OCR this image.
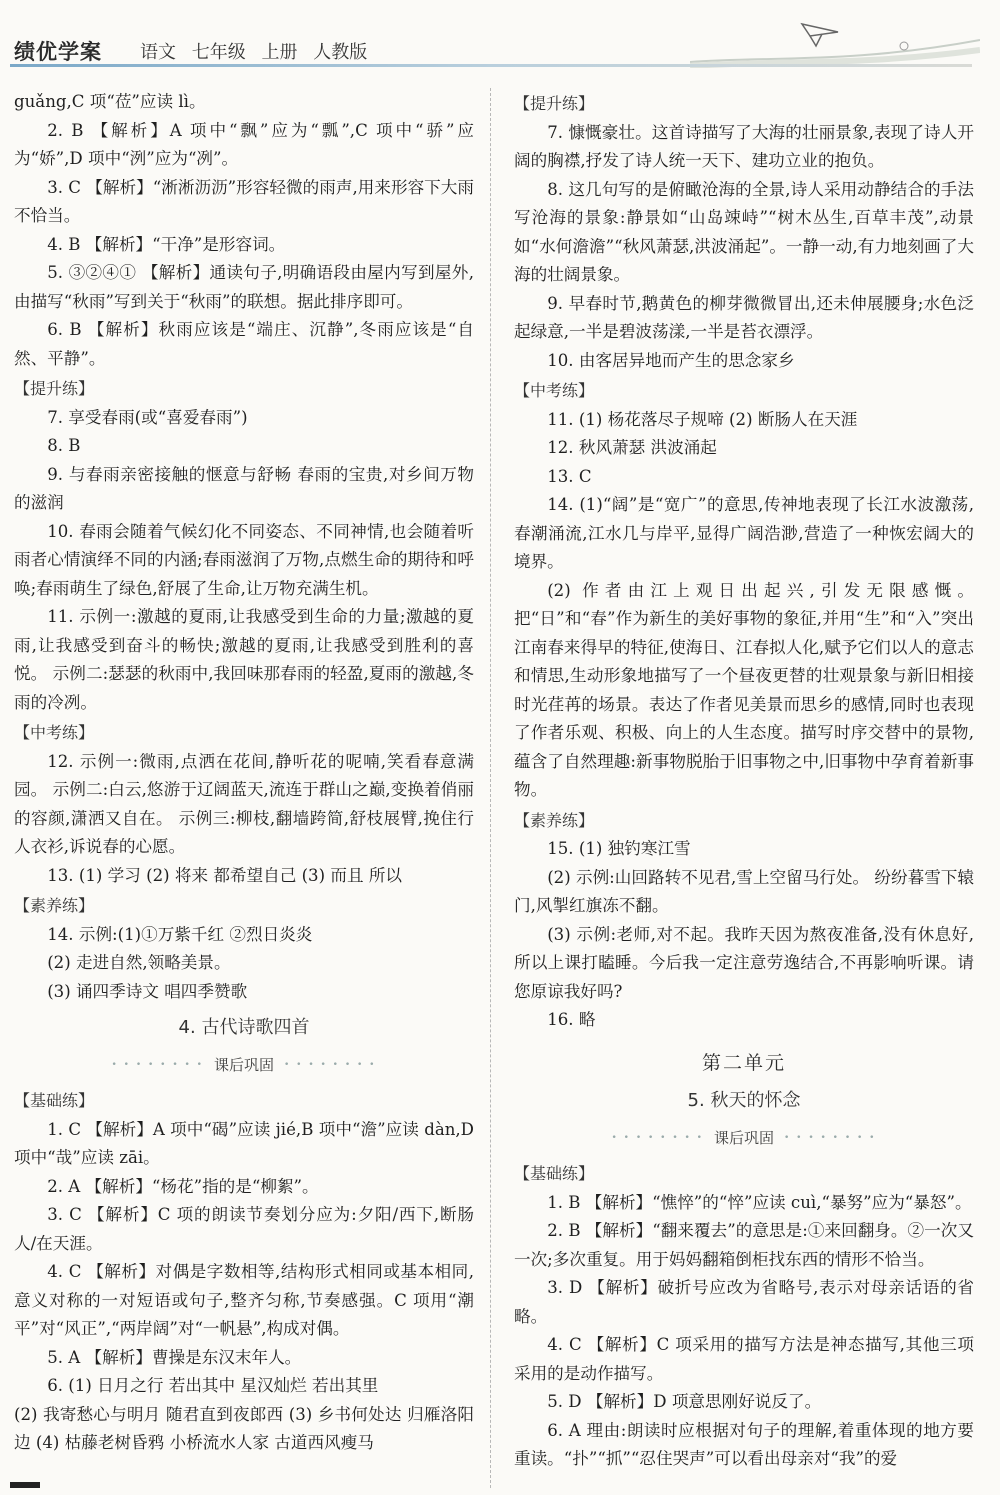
绩优学案 语文 七年级 上册 人教版

guǎng,C 项“莅”应读 lì。

2. B 【解析】A 项中“飘”应为“瓢”,C 项中“骄”应为“娇”,D 项中“洌”应为“冽”。

3. C 【解析】“淅淅沥沥”形容轻微的雨声,用来形容下大雨不恰当。

4. B 【解析】“干净”是形容词。

5. ③②④① 【解析】通读句子,明确语段由屋内写到屋外,由描写“秋雨”写到关于“秋雨”的联想。据此排序即可。

6. B 【解析】秋雨应该是“端庄、沉静”,冬雨应该是“自然、平静”。

【 提升练 】

7. 享受春雨(或“喜爱春雨”)

8. B

9. 与春雨亲密接触的惬意与舒畅 春雨的宝贵,对乡间万物的滋润

10. 春雨会随着气候幻化不同姿态、不同神情,也会随着听雨者心情演绎不同的内涵;春雨滋润了万物,点燃生命的期待和呼唤;春雨萌生了绿色,舒展了生命,让万物充满生机。

11. 示例一:激越的夏雨,让我感受到生命的力量;激越的夏雨,让我感受到奋斗的畅快;激越的夏雨,让我感受到胜利的喜悦。 示例二:瑟瑟的秋雨中,我回味那春雨的轻盈,夏雨的激越,冬雨的冷冽。

【 中考练 】

12. 示例一:微雨,点洒在花间,静听花的呢喃,笑看春意满园。 示例二:白云,悠游于辽阔蓝天,流连于群山之巅,变换着俏丽的容颜,潇洒又自在。 示例三:柳枝,翻墙跨简,舒枝展臂,挽住行人衣衫,诉说春的心愿。

13. (1) 学习 (2) 将来 都希望自己 (3) 而且 所以

【 素养练 】

14. 示例:(1)①万紫千红 ②烈日炎炎

(2) 走进自然,领略美景。

(3) 诵四季诗文 唱四季赞歌

4. 古代诗歌四首
• • • 课后巩固 • • •
【 基础练 】

1. C 【解析】A 项中“碣”应读 jié,B 项中“澹”应读 dàn,D 项中“哉”应读 zāi。

2. A 【解析】“杨花”指的是“柳絮”。

3. C 【解析】C 项的朗读节奏划分应为:夕阳/西下,断肠人/在天涯。

4. C 【解析】对偶是字数相等,结构形式相同或基本相同,意义对称的一对短语或句子,整齐匀称,节奏感强。C 项用“潮平”对“风正”,“两岸阔”对“一帆悬”,构成对偶。

5. A 【解析】曹操是东汉末年人。

6. (1) 日月之行 若出其中 星汉灿烂 若出其里

(2) 我寄愁心与明月 随君直到夜郎西 (3) 乡书何处达 归雁洛阳边 (4) 枯藤老树昏鸦 小桥流水人家 古道西风瘦马

【 提升练 】

7. 慷慨豪壮。这首诗描写了大海的壮丽景象,表现了诗人开阔的胸襟,抒发了诗人统一天下、建功立业的抱负。

8. 这几句写的是俯瞰沧海的全景,诗人采用动静结合的手法写沧海的景象:静景如“山岛竦峙”“树木丛生,百草丰茂”,动景如“水何澹澹”“秋风萧瑟,洪波涌起”。一静一动,有力地刻画了大海的壮阔景象。

9. 早春时节,鹅黄色的柳芽微微冒出,还未伸展腰身;水色泛起绿意,一半是碧波荡漾,一半是苔衣漂浮。

10. 由客居异地而产生的思念家乡

【 中考练 】

11. (1) 杨花落尽子规啼 (2) 断肠人在天涯

12. 秋风萧瑟 洪波涌起

13. C

14. (1)“阔”是“宽广”的意思,传神地表现了长江水波激荡,春潮涌流,江水几与岸平,显得广阔浩渺,营造了一种恢宏阔大的境界。

(2) 作者由江上观日出起兴,引发无限感慨。把“日”和“春”作为新生的美好事物的象征,并用“生”和“入”突出江南春来得早的特征,使海日、江春拟人化,赋予它们以人的意志和情思,生动形象地描写了一个昼夜更替的壮观景象与新旧相接时光荏苒的场景。表达了作者见美景而思乡的感情,同时也表现了作者乐观、积极、向上的人生态度。描写时序交替中的景物,蕴含了自然理趣:新事物脱胎于旧事物之中,旧事物中孕育着新事物。

【 素养练 】

15. (1) 独钓寒江雪

(2) 示例:山回路转不见君,雪上空留马行处。 纷纷暮雪下辕门,风掣红旗冻不翻。

(3) 示例:老师,对不起。我昨天因为熬夜准备,没有休息好,所以上课打瞌睡。今后我一定注意劳逸结合,不再影响听课。请您原谅我好吗?

16. 略

第二单元
5. 秋天的怀念
• • • 课后巩固 • • •
【 基础练 】

1. B 【解析】“憔悴”的“悴”应读 cuì,“暴努”应为“暴怒”。

2. B 【解析】“翻来覆去”的意思是:①来回翻身。②一次又一次;多次重复。用于妈妈翻箱倒柜找东西的情形不恰当。

3. D 【解析】破折号应改为省略号,表示对母亲话语的省略。

4. C 【解析】C 项采用的描写方法是神态描写,其他三项采用的是动作描写。

5. D 【解析】D 项意思刚好说反了。

6. A 理由:朗读时应根据对句子的理解,着重体现的地方要重读。“扑”“抓”“忍住哭声”可以看出母亲对“我”的爱
